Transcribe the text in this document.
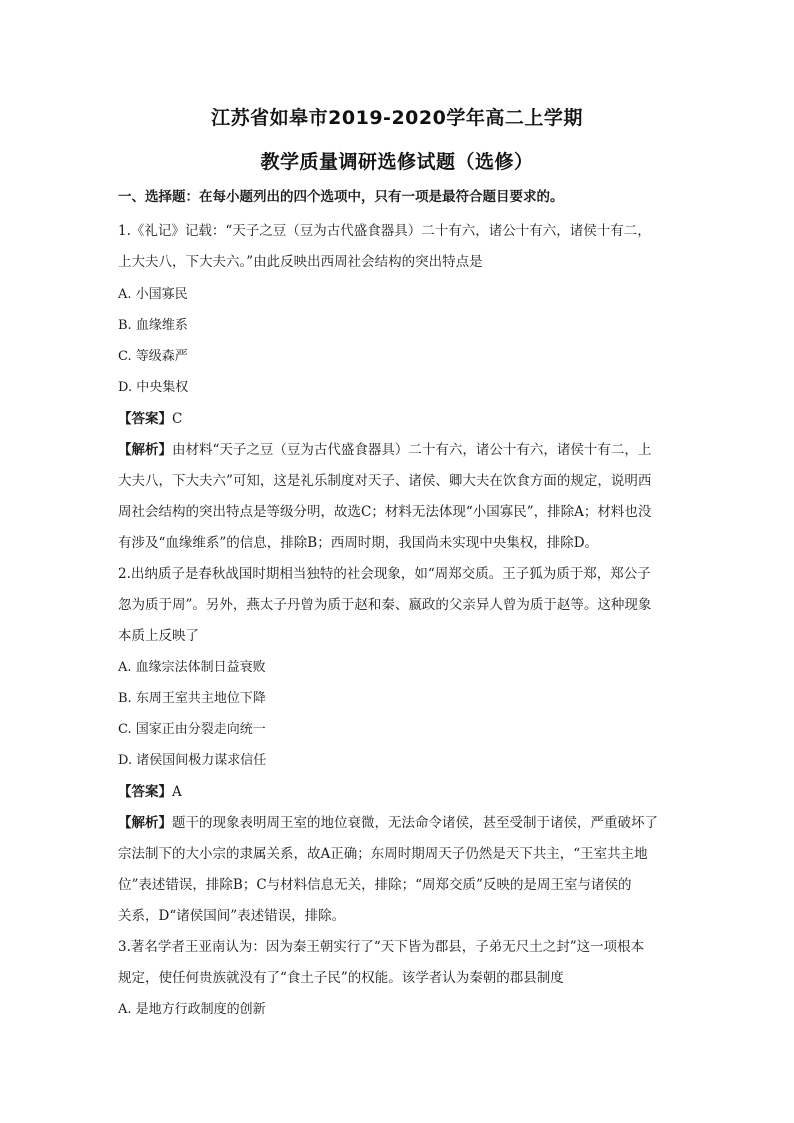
江苏省如皋市2019-2020学年高二上学期
教学质量调研选修试题（选修）
一、选择题：在每小题列出的四个选项中，只有一项是最符合题目要求的。
1.《礼记》记载：“天子之豆（豆为古代盛食器具）二十有六，诸公十有六，诸侯十有二，
上大夫八，下大夫六。”由此反映出西周社会结构的突出特点是
A. 小国寡民
B. 血缘维系
C. 等级森严
D. 中央集权
【答案】C
【解析】由材料“天子之豆（豆为古代盛食器具）二十有六，诸公十有六，诸侯十有二，上
大夫八，下大夫六”可知，这是礼乐制度对天子、诸侯、卿大夫在饮食方面的规定，说明西
周社会结构的突出特点是等级分明，故选C；材料无法体现“小国寡民”，排除A；材料也没
有涉及“血缘维系”的信息，排除B；西周时期，我国尚未实现中央集权，排除D。
2.出纳质子是春秋战国时期相当独特的社会现象，如“周郑交质。王子狐为质于郑，郑公子
忽为质于周”。另外，燕太子丹曾为质于赵和秦、嬴政的父亲异人曾为质于赵等。这种现象
本质上反映了
A. 血缘宗法体制日益衰败
B. 东周王室共主地位下降
C. 国家正由分裂走向统一
D. 诸侯国间极力谋求信任
【答案】A
【解析】题干的现象表明周王室的地位衰微，无法命令诸侯，甚至受制于诸侯，严重破坏了
宗法制下的大小宗的隶属关系，故A正确；东周时期周天子仍然是天下共主，“王室共主地
位”表述错误，排除B；C与材料信息无关，排除；“周郑交质”反映的是周王室与诸侯的
关系，D“诸侯国间”表述错误，排除。
3.著名学者王亚南认为：因为秦王朝实行了“天下皆为郡县，子弟无尺土之封”这一项根本
规定，使任何贵族就没有了“食土子民”的权能。该学者认为秦朝的郡县制度
A. 是地方行政制度的创新
